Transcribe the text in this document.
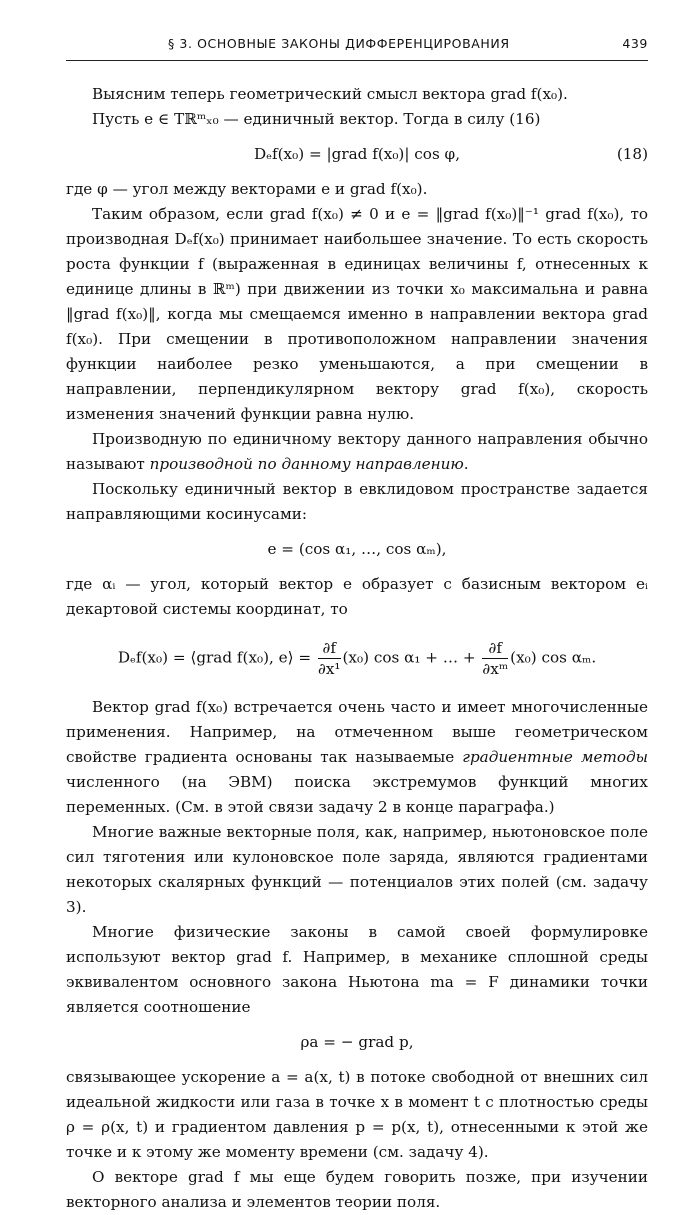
§ 3. ОСНОВНЫЕ ЗАКОНЫ ДИФФЕРЕНЦИРОВАНИЯ	439

Выясним теперь геометрический смысл вектора grad f(x₀).

Пусть e ∈ Tℝᵐₓ₀ — единичный вектор. Тогда в силу (16)

Dₑf(x₀) = |grad f(x₀)| cos φ,	(18)

где φ — угол между векторами e и grad f(x₀).

Таким образом, если grad f(x₀) ≠ 0 и e = ‖grad f(x₀)‖⁻¹ grad f(x₀), то производная Dₑf(x₀) принимает наибольшее значение. То есть скорость роста функции f (выраженная в единицах величины f, отнесенных к единице длины в ℝᵐ) при движении из точки x₀ максимальна и равна ‖grad f(x₀)‖, когда мы смещаемся именно в направлении вектора grad f(x₀). При смещении в противоположном направлении значения функции наиболее резко уменьшаются, а при смещении в направлении, перпендикулярном вектору grad f(x₀), скорость изменения значений функции равна нулю.

Производную по единичному вектору данного направления обычно называют производной по данному направлению.

Поскольку единичный вектор в евклидовом пространстве задается направляющими косинусами:

e = (cos α₁, …, cos αₘ),

где αᵢ — угол, который вектор e образует с базисным вектором eᵢ декартовой системы координат, то

Dₑf(x₀) = ⟨grad f(x₀), e⟩ = $\frac{\partial f}{\text{∂x¹}} (x_0)$ cos α₁ + … + $\frac{\partial f}{\text{∂xᵐ}} (x_0)$ cos αₘ.

Вектор grad f(x₀) встречается очень часто и имеет многочисленные применения. Например, на отмеченном выше геометрическом свойстве градиента основаны так называемые градиентные методы численного (на ЭВМ) поиска экстремумов функций многих переменных. (См. в этой связи задачу 2 в конце параграфа.)

Многие важные векторные поля, как, например, ньютоновское поле сил тяготения или кулоновское поле заряда, являются градиентами некоторых скалярных функций — потенциалов этих полей (см. задачу 3).

Многие физические законы в самой своей формулировке используют вектор grad f. Например, в механике сплошной среды эквивалентом основного закона Ньютона ma = F динамики точки является соотношение

ρa = − grad p,

связывающее ускорение a = a(x, t) в потоке свободной от внешних сил идеальной жидкости или газа в точке x в момент t с плотностью среды ρ = ρ(x, t) и градиентом давления p = p(x, t), отнесенными к этой же точке и к этому же моменту времени (см. задачу 4).

О векторе grad f мы еще будем говорить позже, при изучении векторного анализа и элементов теории поля.
